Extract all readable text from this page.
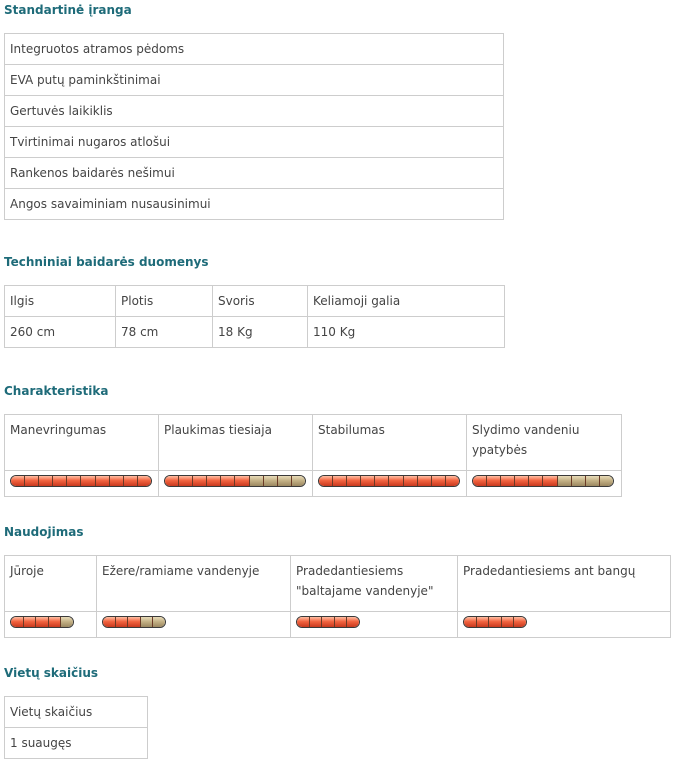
Standartinė įranga
Integruotos atramos pėdoms
EVA putų paminkštinimai
Gertuvės laikiklis
Tvirtinimai nugaros atlošui
Rankenos baidarės nešimui
Angos savaiminiam nusausinimui
Techniniai baidarės duomenys
Ilgis	Plotis	Svoris	Keliamoji galia
260 cm	78 cm	18 Kg	110 Kg
Charakteristika
Manevringumas	Plaukimas tiesiaja	Stabilumas	Slydimo vandeniu ypatybės

Naudojimas
Jūroje	Ežere/ramiame vandenyje	Pradedantiesiems "baltajame vandenyje"	Pradedantiesiems ant bangų

Vietų skaičius
Vietų skaičius
1 suaugęs
